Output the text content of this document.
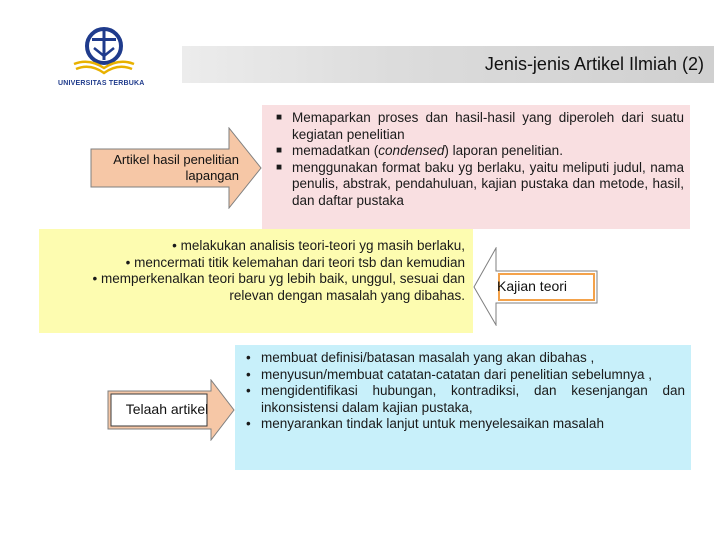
UNIVERSITAS TERBUKA
Jenis-jenis Artikel Ilmiah (2)
Artikel hasil penelitian lapangan
■ Memaparkan proses dan hasil-hasil yang diperoleh dari suatu kegiatan penelitian
■ memadatkan (condensed) laporan penelitian.
■ menggunakan format baku yg berlaku, yaitu meliputi judul, nama penulis, abstrak, pendahuluan, kajian pustaka dan metode, hasil, dan daftar pustaka
• melakukan analisis teori-teori yg masih berlaku,
• mencermati titik kelemahan dari teori tsb dan kemudian
• memperkenalkan teori baru yg lebih baik, unggul, sesuai dan relevan dengan masalah yang dibahas.
Kajian teori
Telaah artikel
• membuat definisi/batasan masalah yang akan dibahas ,
• menyusun/membuat catatan-catatan dari penelitian sebelumnya ,
• mengidentifikasi hubungan, kontradiksi, dan kesenjangan dan inkonsistensi dalam kajian pustaka,
• menyarankan tindak lanjut untuk menyelesaikan masalah
